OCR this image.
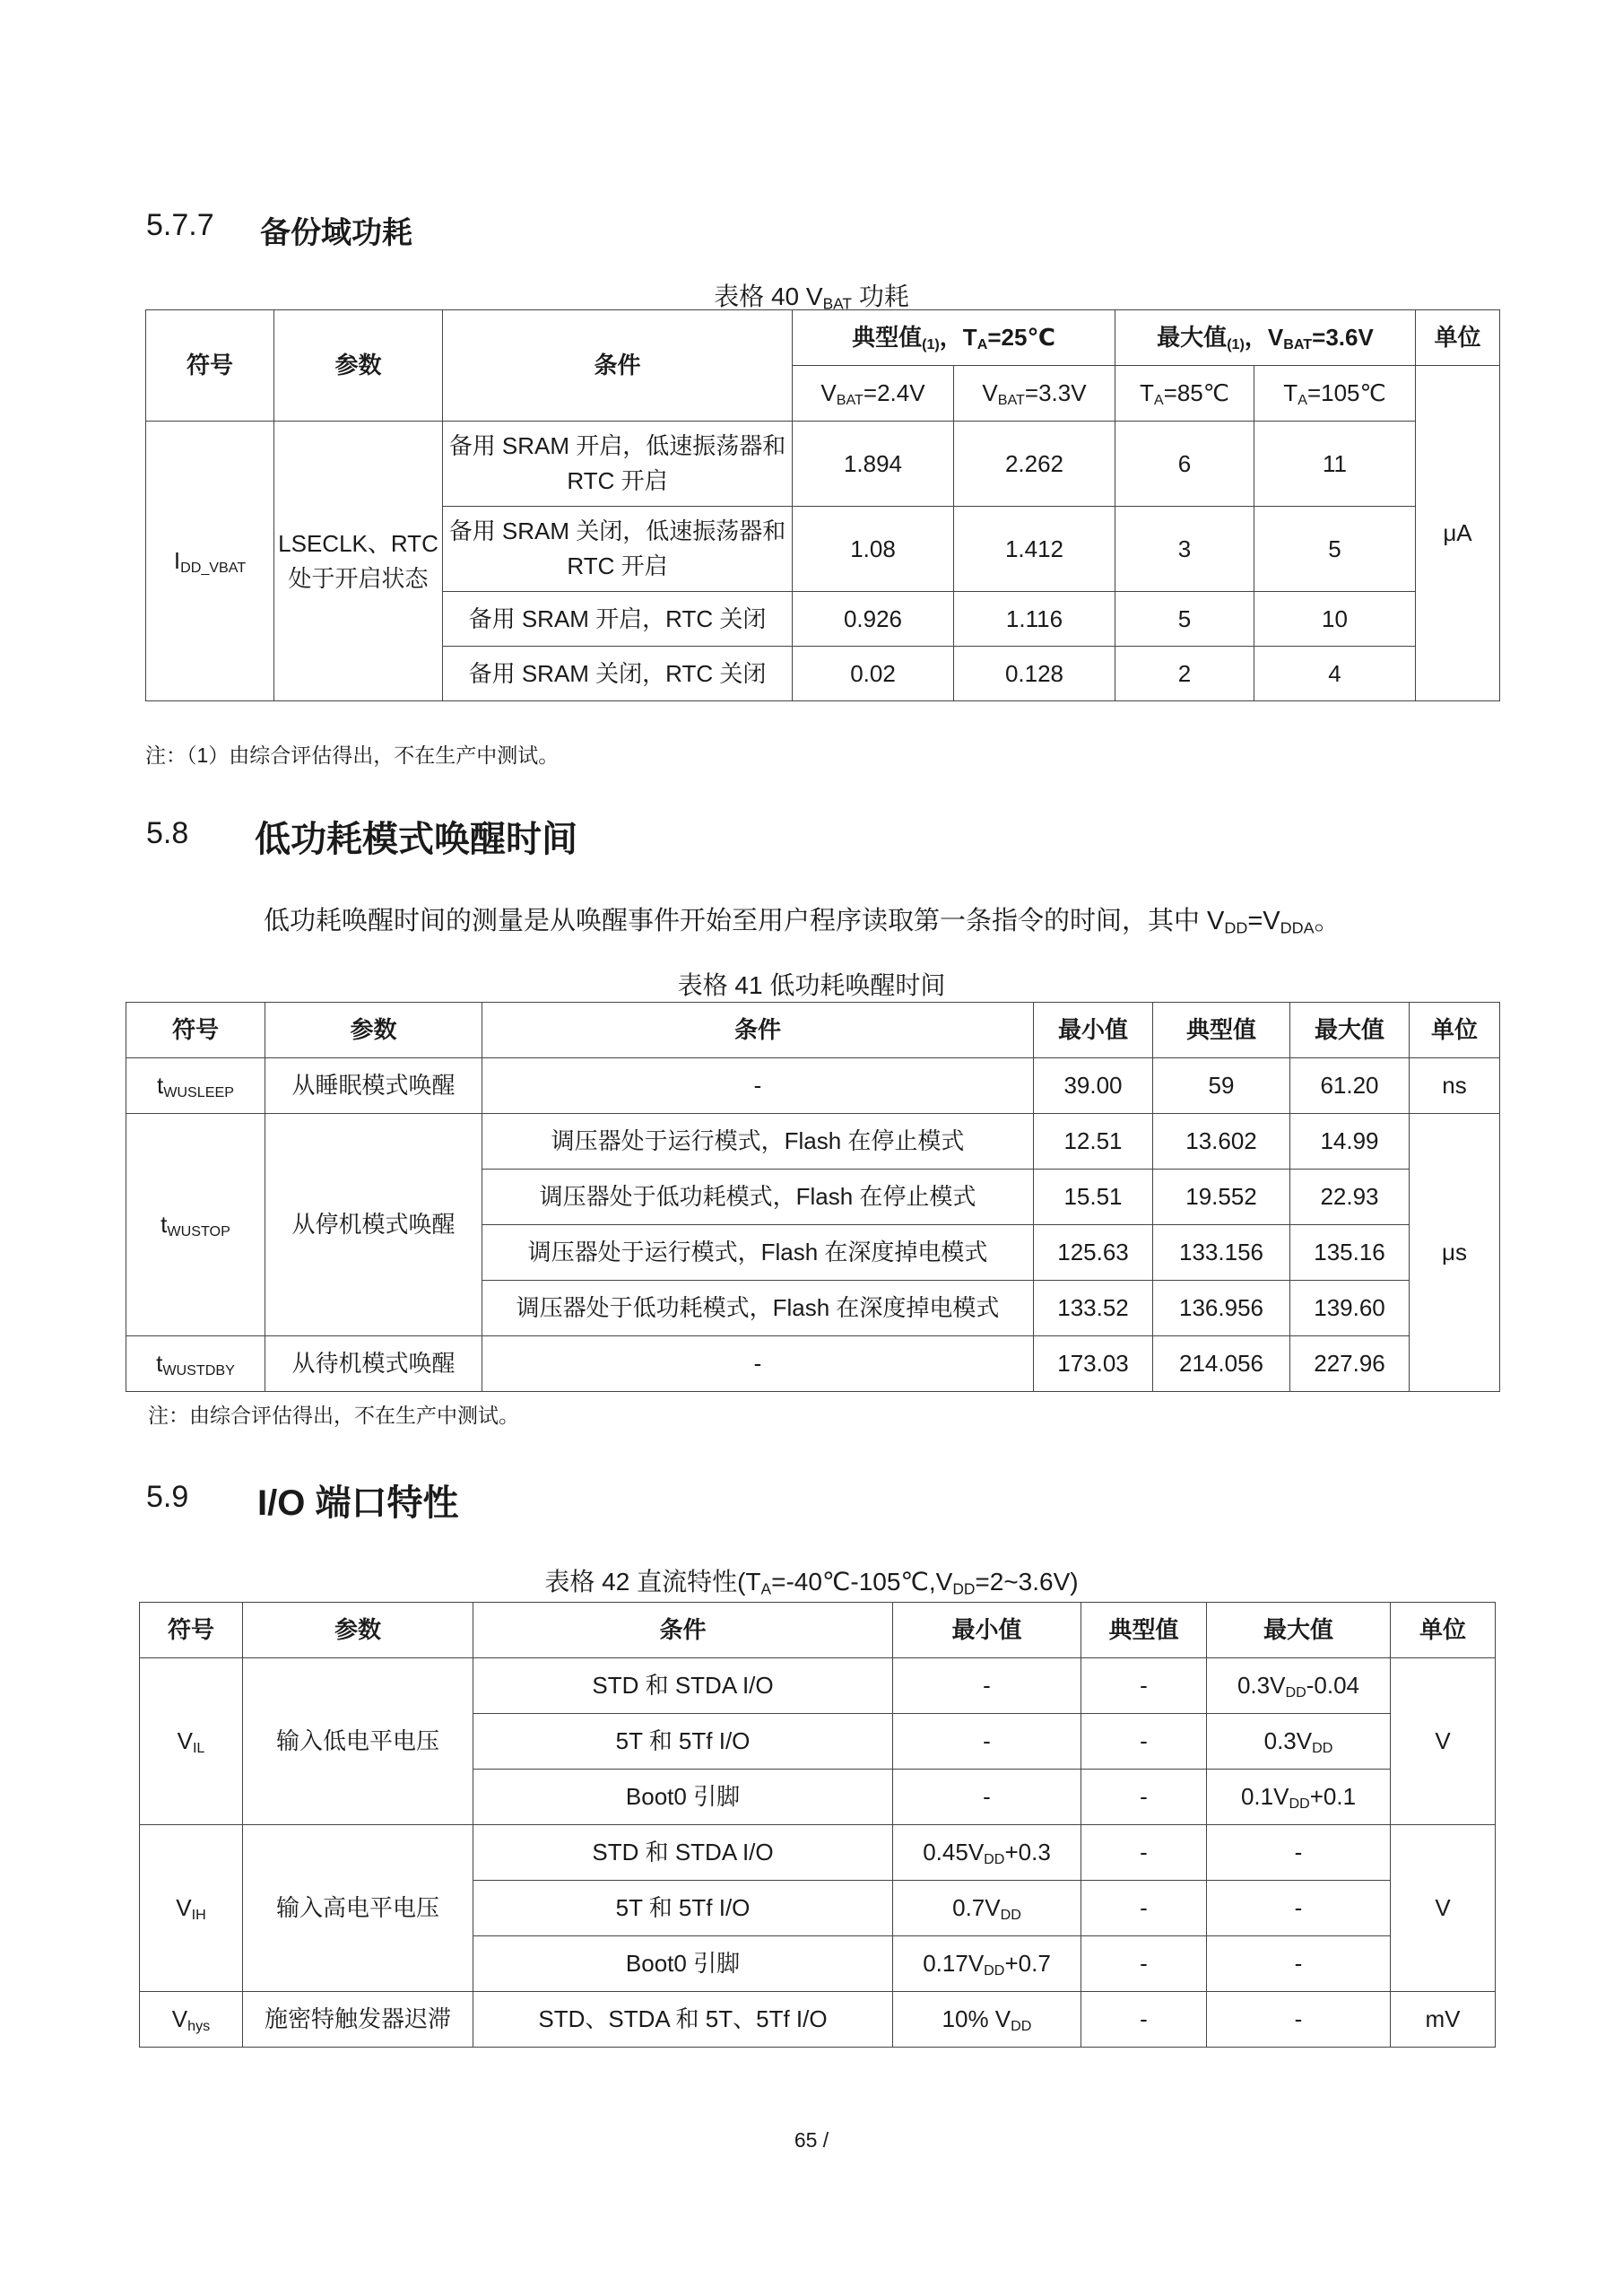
5.7.7 备份域功耗
表格 40 $V_{BAT}$ 功耗
符号	参数	条件	典型值$_{(1)}$，$T_A=25℃$		最大值$_{(1)}$，$V_{BAT}=3.6V$		单位
			$V_{BAT}=2.4V$	$V_{BAT}=3.3V$	$T_A=85℃$	$T_A=105℃$	μA
$I_{DD\_VBAT}$	LSECLK、RTC 处于开启状态	备用 SRAM 开启，低速振荡器和 RTC 开启	1.894	2.262	6	11	
		备用 SRAM 关闭，低速振荡器和 RTC 开启	1.08	1.412	3	5	
		备用 SRAM 开启，RTC 关闭	0.926	1.116	5	10	
		备用 SRAM 关闭，RTC 关闭	0.02	0.128	2	4	
注：（1）由综合评估得出，不在生产中测试。
5.8 低功耗模式唤醒时间
低功耗唤醒时间的测量是从唤醒事件开始至用户程序读取第一条指令的时间，其中 $V_{DD}=V_{DDA}$。
表格 41 低功耗唤醒时间
符号	参数	条件	最小值	典型值	最大值	单位
$t_{WUSLEEP}$	从睡眠模式唤醒	-	39.00	59	61.20	ns
$t_{WUSTOP}$	从停机模式唤醒	调压器处于运行模式，Flash 在停止模式	12.51	13.602	14.99	μs
		调压器处于低功耗模式，Flash 在停止模式	15.51	19.552	22.93	
		调压器处于运行模式，Flash 在深度掉电模式	125.63	133.156	135.16	
		调压器处于低功耗模式，Flash 在深度掉电模式	133.52	136.956	139.60	
$t_{WUSTDBY}$	从待机模式唤醒	-	173.03	214.056	227.96	
注：由综合评估得出，不在生产中测试。
5.9 I/O 端口特性
表格 42 直流特性$(T_A=-40℃-105℃,V_{DD}=2\sim 3.6V)$
符号	参数	条件	最小值	典型值	最大值	单位
$V_{IL}$	输入低电平电压	STD 和 STDA I/O	-	-	$0.3V_{DD}-0.04$	V
		5T 和 5Tf I/O	-	-	$0.3V_{DD}$
		Boot0 引脚	-	-	$0.1V_{DD}+0.1$	
$V_{IH}$	输入高电平电压	STD 和 STDA I/O	$0.45V_{DD}+0.3$	-	-	V
		5T 和 5Tf I/O	$0.7V_{DD}$	-	-	
		Boot0 引脚	$0.17V_{DD}+0.7$	-	-	
$V_{hys}$	施密特触发器迟滞	STD、STDA 和 5T、5Tf I/O	10% $V_{DD}$	-	-	mV
65 /
